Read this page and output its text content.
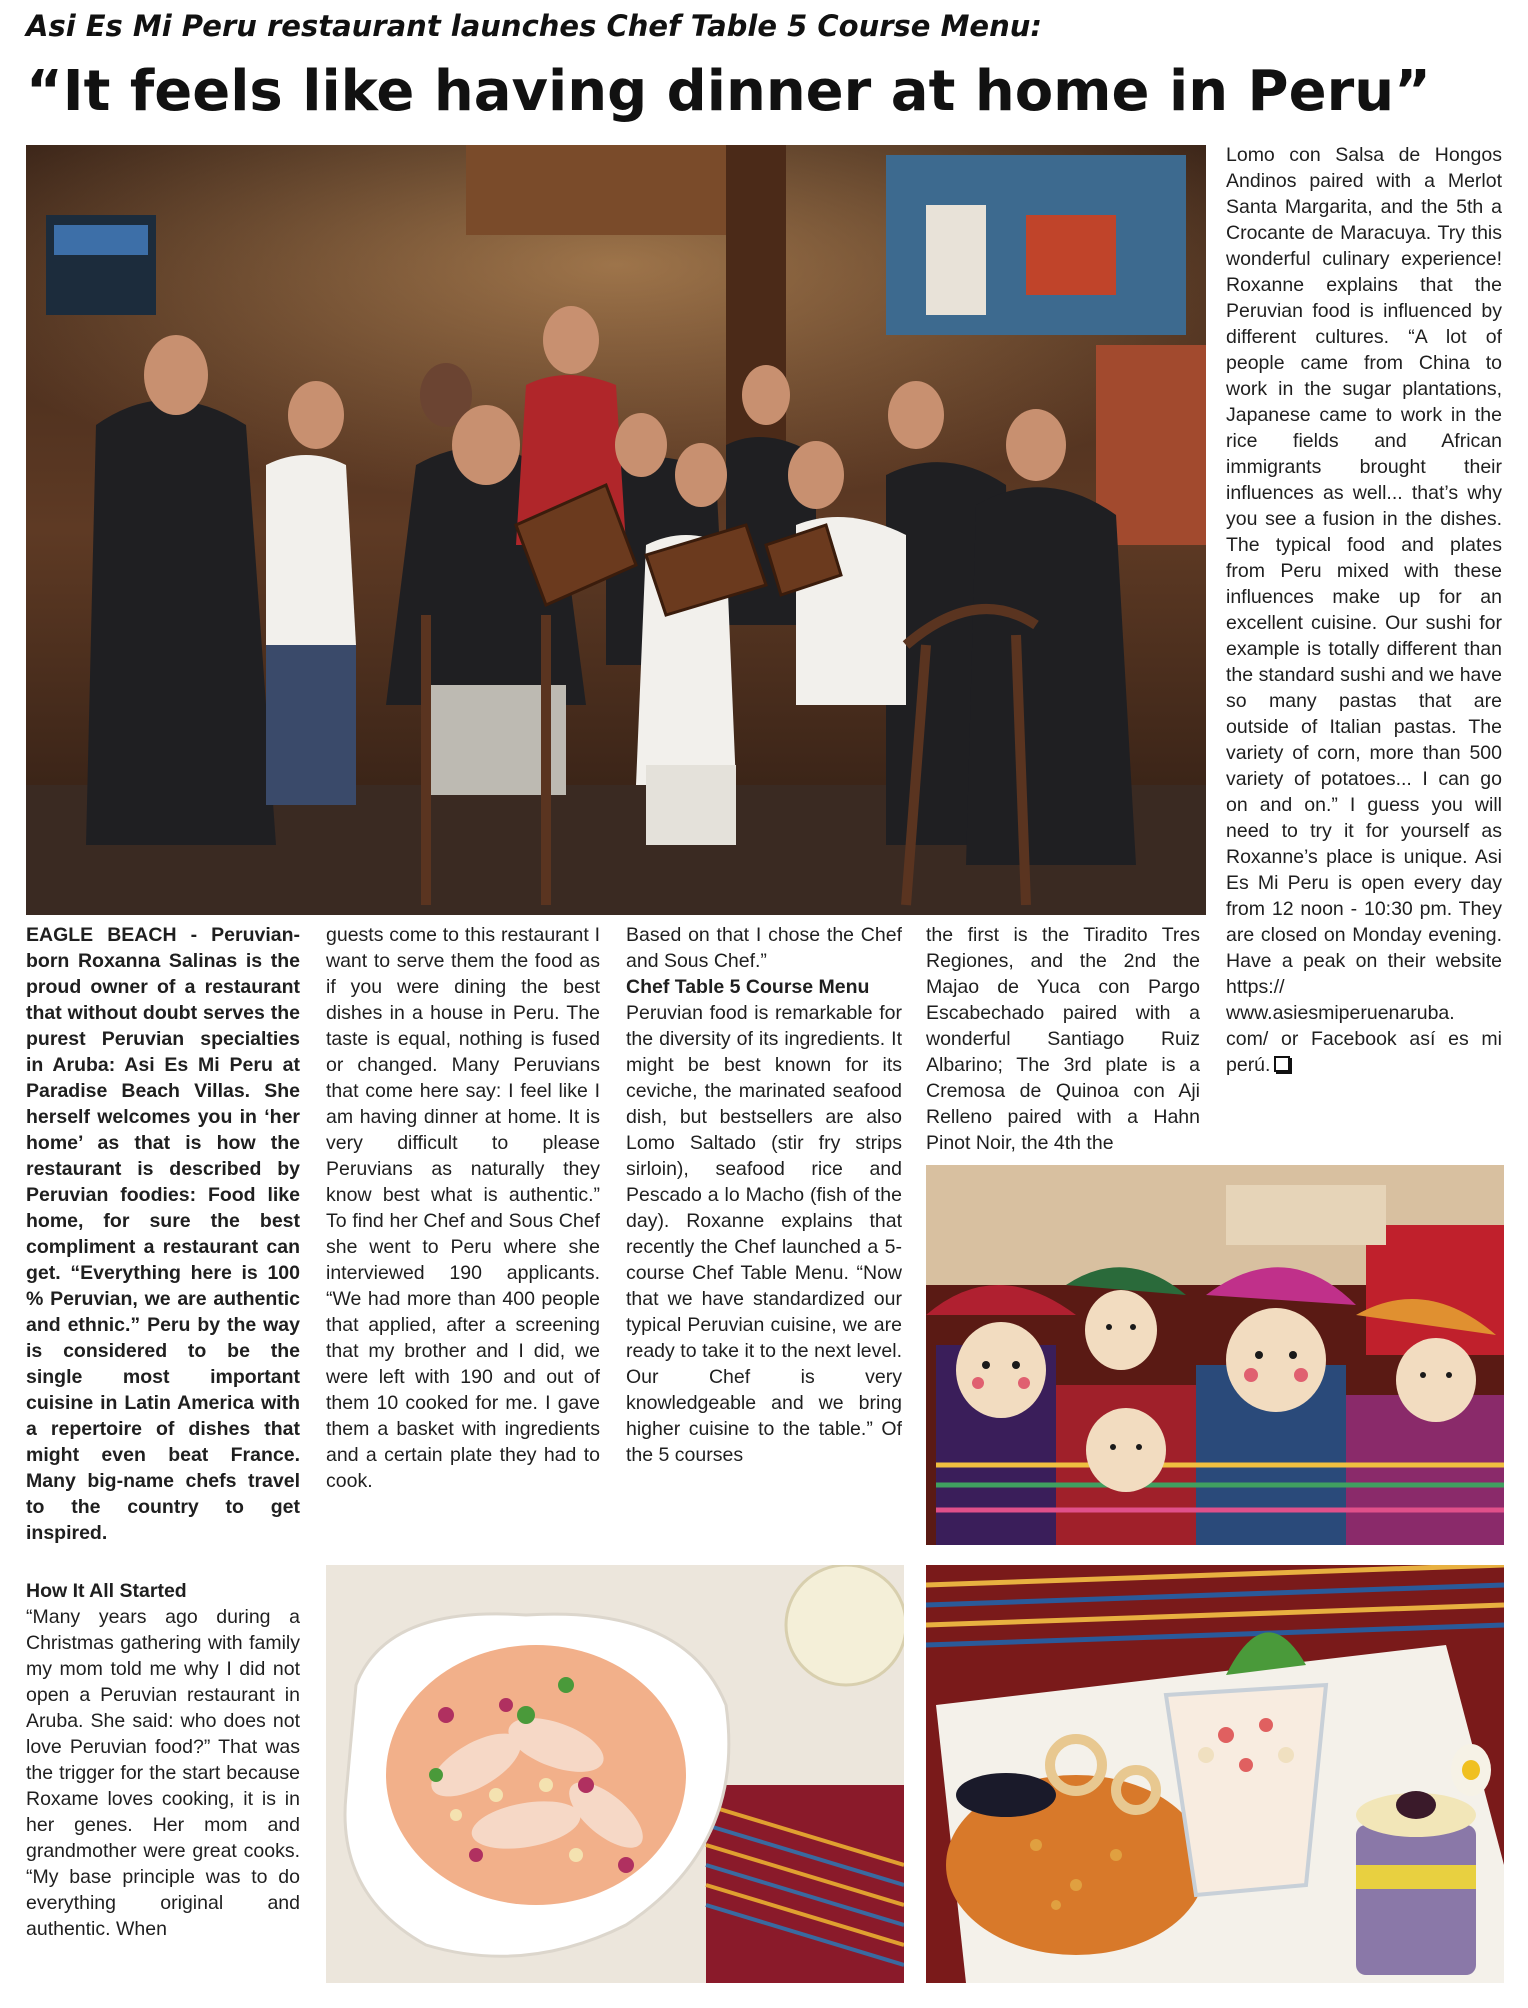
Asi Es Mi Peru restaurant launches Chef Table 5 Course Menu:
“It feels like having dinner at home in Peru”

EAGLE BEACH - Peruvian-born Roxanna Salinas is the proud owner of a restaurant that without doubt serves the purest Peruvian specialties in Aruba: Asi Es Mi Peru at Paradise Beach Villas. She herself welcomes you in ‘her home’ as that is how the restaurant is described by Peruvian foodies: Food like home, for sure the best compliment a restaurant can get. “Everything here is 100 % Peruvian, we are authentic and ethnic.” Peru by the way is considered to be the single most important cuisine in Latin America with a repertoire of dishes that might even beat France. Many big-name chefs travel to the country to get inspired.

How It All Started

“Many years ago during a Christmas gathering with family my mom told me why I did not open a Peruvian restaurant in Aruba. She said: who does not love Peruvian food?” That was the trigger for the start because Roxame loves cooking, it is in her genes. Her mom and grandmother were great cooks. “My base principle was to do everything original and authentic. When

guests come to this restaurant I want to serve them the food as if you were dining the best dishes in a house in Peru. The taste is equal, nothing is fused or changed. Many Peruvians that come here say: I feel like I am having dinner at home. It is very difficult to please Peruvians as naturally they know best what is authentic.” To find her Chef and Sous Chef she went to Peru where she interviewed 190 applicants. “We had more than 400 people that applied, after a screening that my brother and I did, we were left with 190 and out of them 10 cooked for me. I gave them a basket with ingredients and a certain plate they had to cook.

Based on that I chose the Chef and Sous Chef.”

Chef Table 5 Course Menu

Peruvian food is remarkable for the diversity of its ingredients. It might be best known for its ceviche, the marinated seafood dish, but bestsellers are also Lomo Saltado (stir fry strips sirloin), seafood rice and Pescado a lo Macho (fish of the day). Roxanne explains that recently the Chef launched a 5-course Chef Table Menu. “Now that we have standardized our typical Peruvian cuisine, we are ready to take it to the next level. Our Chef is very knowledgeable and we bring higher cuisine to the table.” Of the 5 courses

the first is the Tiradito Tres Regiones, and the 2nd the Majao de Yuca con Pargo Escabechado paired with a wonderful Santiago Ruiz Albarino; The 3rd plate is a Cremosa de Quinoa con Aji Relleno paired with a Hahn Pinot Noir, the 4th the

Lomo con Salsa de Hongos Andinos paired with a Merlot Santa Margarita, and the 5th a Crocante de Maracuya. Try this wonderful culinary experience! Roxanne explains that the Peruvian food is influenced by different cultures. “A lot of people came from China to work in the sugar plantations, Japanese came to work in the rice fields and African immigrants brought their influences as well... that’s why you see a fusion in the dishes. The typical food and plates from Peru mixed with these influences make up for an excellent cuisine. Our sushi for example is totally different than the standard sushi and we have so many pastas that are outside of Italian pastas. The variety of corn, more than 500 variety of potatoes... I can go on and on.” I guess you will need to try it for yourself as Roxanne’s place is unique. Asi Es Mi Peru is open every day from 12 noon - 10:30 pm. They are closed on Monday evening. Have a peak on their website https:// www.asiesmiperuenaruba. com/ or Facebook así es mi perú.
